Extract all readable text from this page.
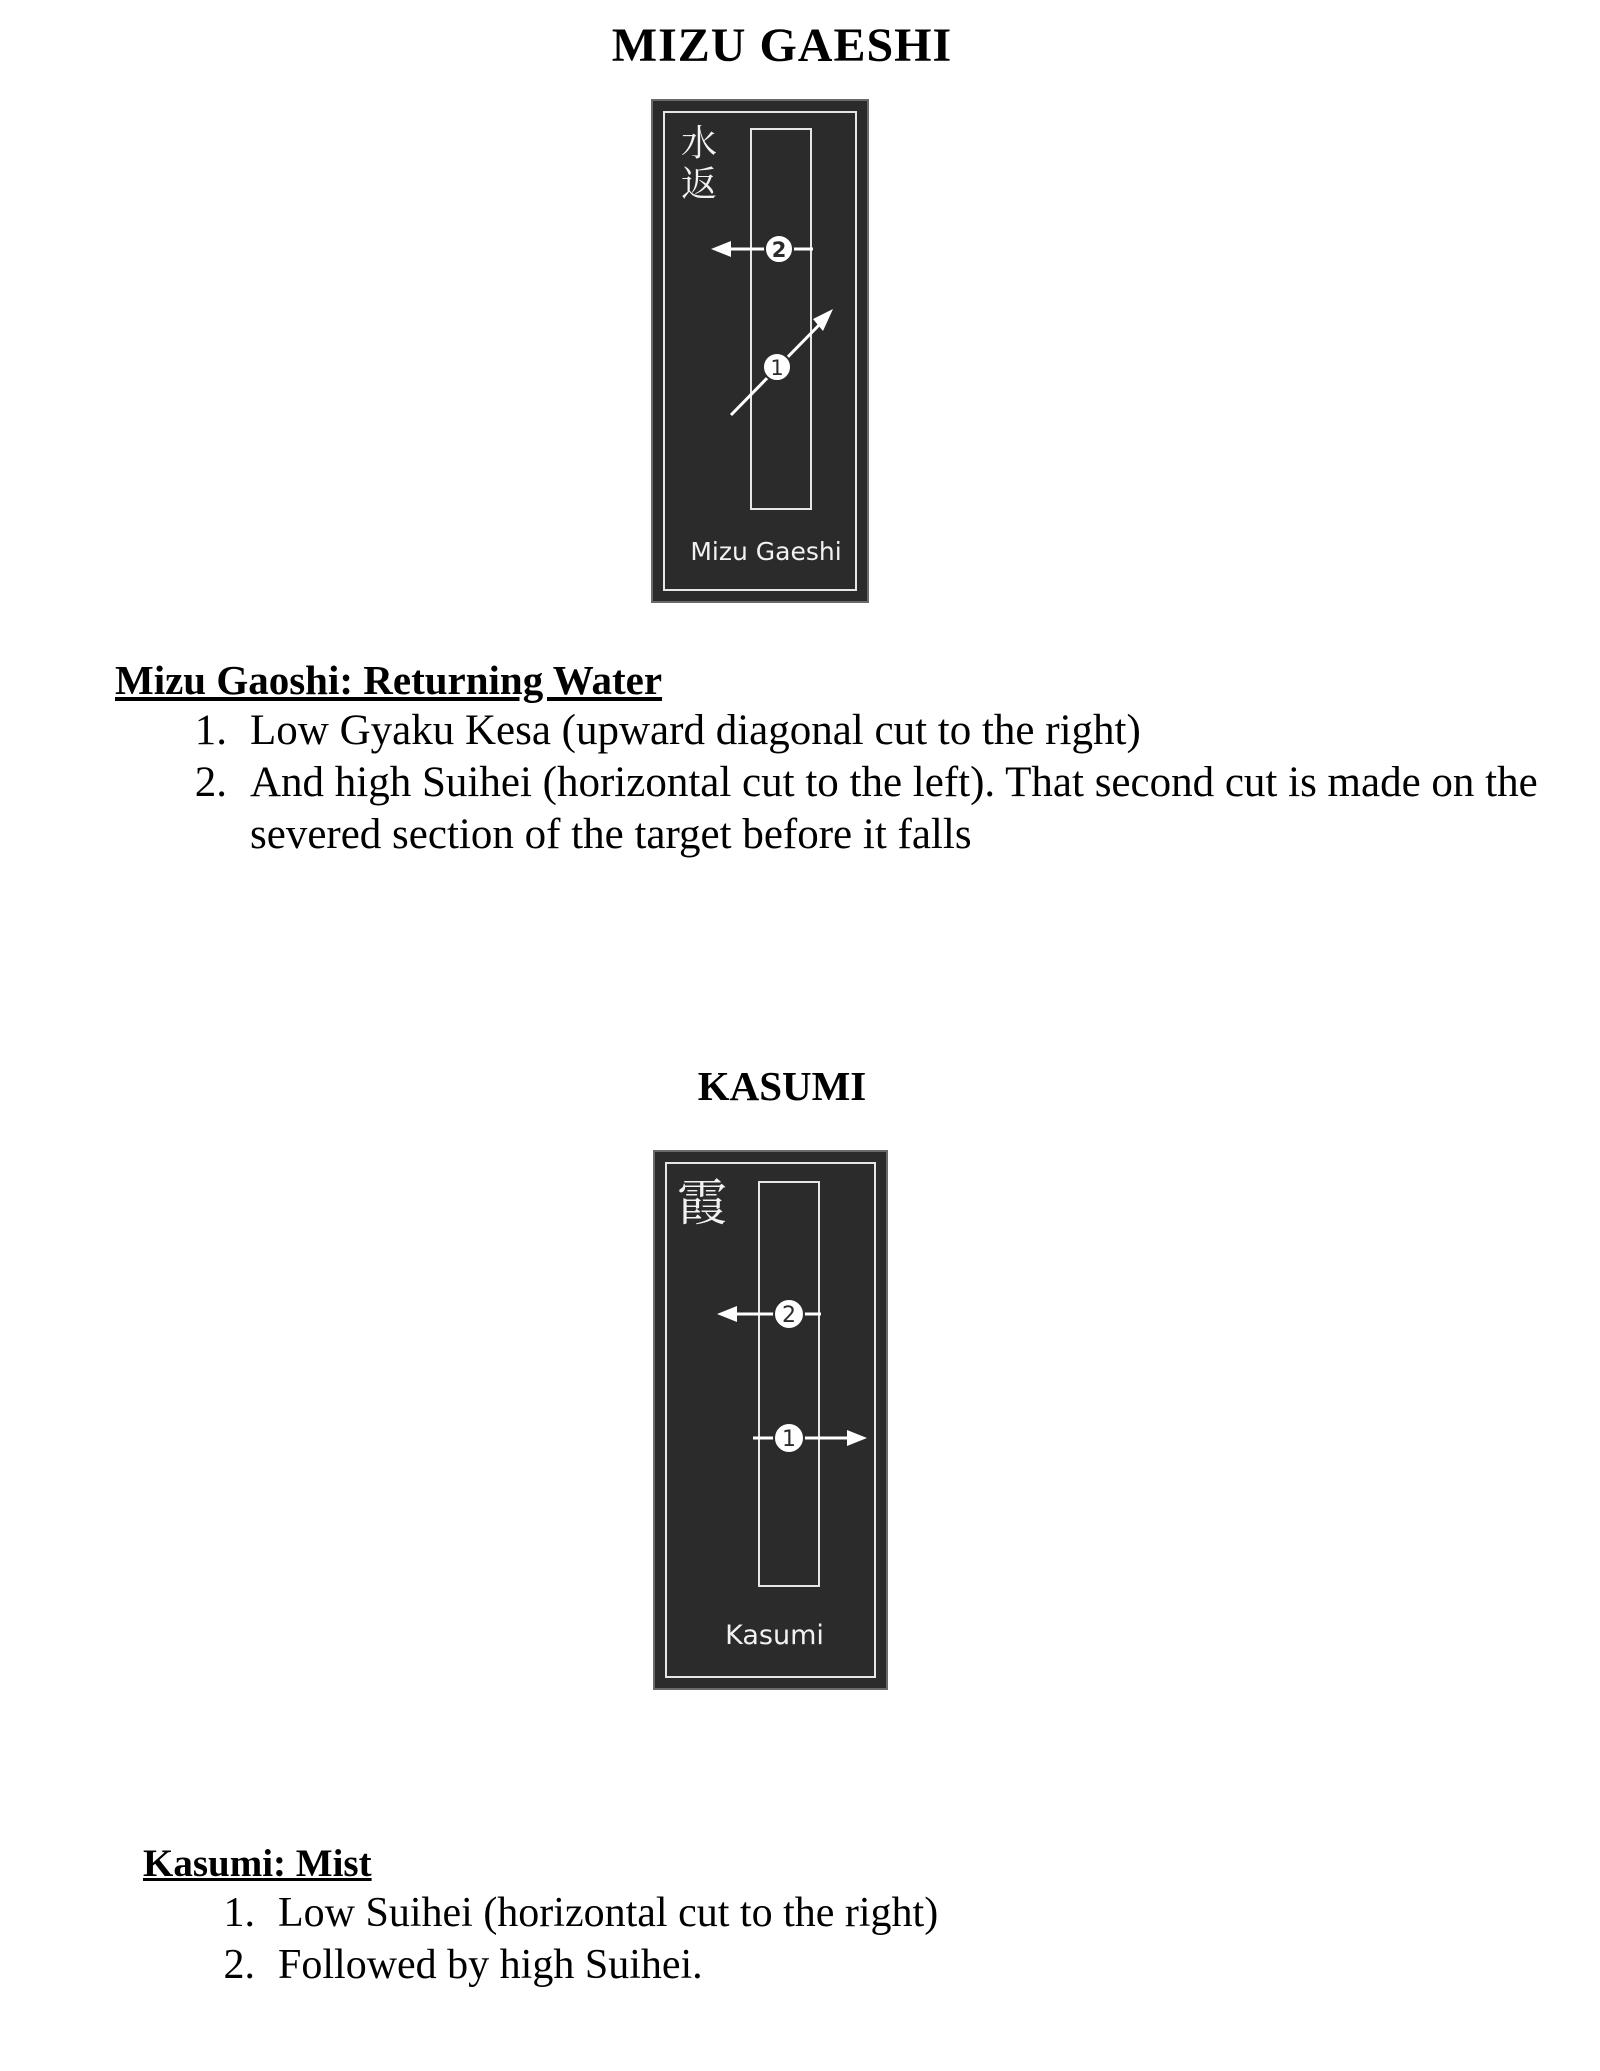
MIZU GAESHI
水返
2
1
Mizu Gaeshi

Mizu Gaoshi: Returning Water

1. Low Gyaku Kesa (upward diagonal cut to the right)
2. And high Suihei (horizontal cut to the left). That second cut is made on the severed section of the target before it falls
KASUMI
霞
2
1
Kasumi

Kasumi: Mist

1. Low Suihei (horizontal cut to the right)
2. Followed by high Suihei.
